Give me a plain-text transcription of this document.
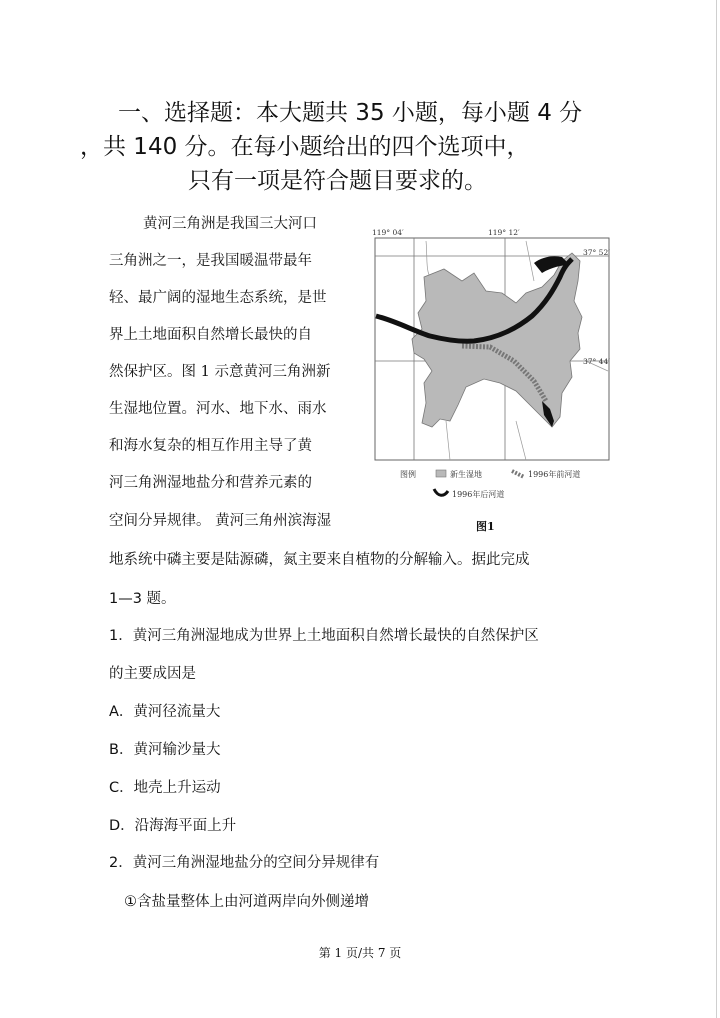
一、选择题：本大题共 35 小题，每小题 4 分
，共 140 分。在每小题给出的四个选项中，
只有一项是符合题目要求的。
黄河三角洲是我国三大河口
三角洲之一，是我国暖温带最年
轻、最广阔的湿地生态系统，是世
界上土地面积自然增长最快的自
然保护区。图 1 示意黄河三角洲新
生湿地位置。河水、地下水、雨水
和海水复杂的相互作用主导了黄
河三角洲湿地盐分和营养元素的
空间分异规律。 黄河三角州滨海湿
地系统中磷主要是陆源磷，氮主要来自植物的分解输入。据此完成
1—3 题。
1．黄河三角洲湿地成为世界上土地面积自然增长最快的自然保护区
的主要成因是
A．黄河径流量大
B．黄河输沙量大
C．地壳上升运动
D．沿海海平面上升
2．黄河三角洲湿地盐分的空间分异规律有
①含盐量整体上由河道两岸向外侧递增
119° 04′	119° 12′
37° 52′
37° 44′
图例	新生湿地	1996年前河道
1996年后河道
图1
第 1 页/共 7 页
